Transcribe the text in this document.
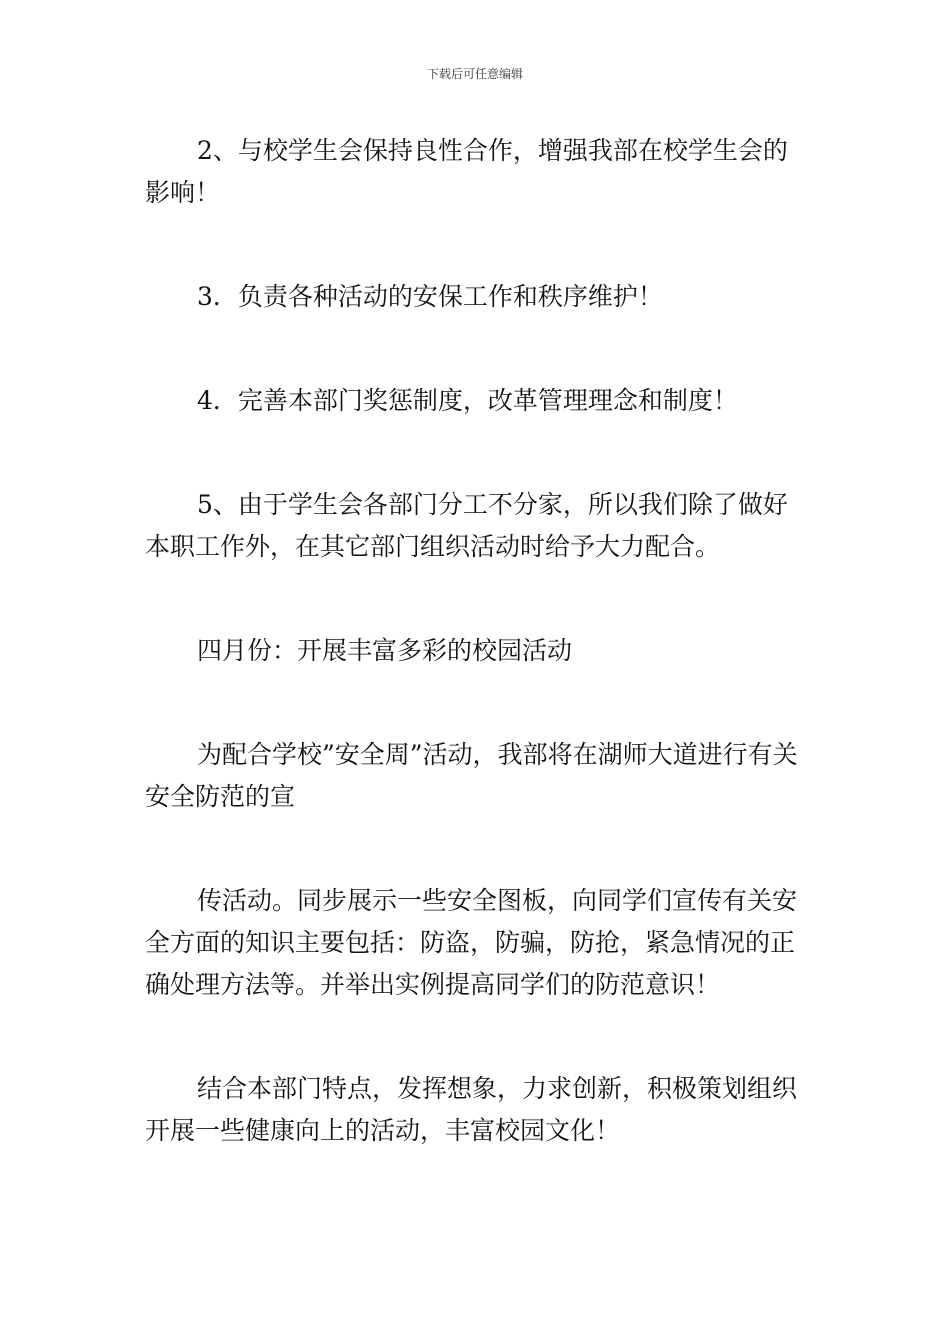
下载后可任意编辑

2、与校学生会保持良性合作，增强我部在校学生会的影响！

3．负责各种活动的安保工作和秩序维护！

4．完善本部门奖惩制度，改革管理理念和制度！

5、由于学生会各部门分工不分家，所以我们除了做好本职工作外，在其它部门组织活动时给予大力配合。

四月份：开展丰富多彩的校园活动

为配合学校”安全周”活动，我部将在湖师大道进行有关安全防范的宣

传活动。同步展示一些安全图板，向同学们宣传有关安全方面的知识主要包括：防盗，防骗，防抢，紧急情况的正确处理方法等。并举出实例提高同学们的防范意识！

结合本部门特点，发挥想象，力求创新，积极策划组织开展一些健康向上的活动，丰富校园文化！
